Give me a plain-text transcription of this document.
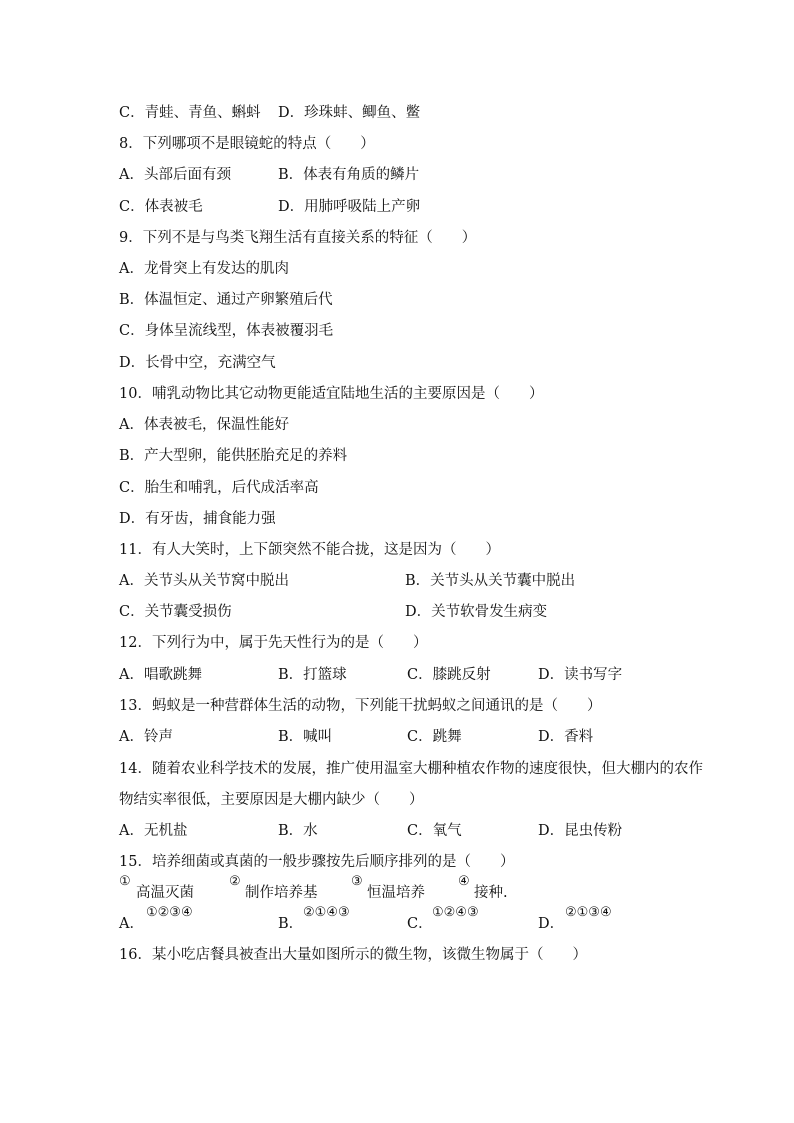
C．青蛙、青鱼、蝌蚪 D．珍珠蚌、鲫鱼、鳖
8．下列哪项不是眼镜蛇的特点（　　）
A．头部后面有颈	B．体表有角质的鳞片
C．体表被毛	D．用肺呼吸陆上产卵
9．下列不是与鸟类飞翔生活有直接关系的特征（　　）
A．龙骨突上有发达的肌肉
B．体温恒定、通过产卵繁殖后代
C．身体呈流线型，体表被覆羽毛
D．长骨中空，充满空气
10．哺乳动物比其它动物更能适宜陆地生活的主要原因是（　　）
A．体表被毛，保温性能好
B．产大型卵，能供胚胎充足的养料
C．胎生和哺乳，后代成活率高
D．有牙齿，捕食能力强
11．有人大笑时，上下颌突然不能合拢，这是因为（　　）
A．关节头从关节窝中脱出	B．关节头从关节囊中脱出
C．关节囊受损伤	D．关节软骨发生病变
12．下列行为中，属于先天性行为的是（　　）
A．唱歌跳舞	B．打篮球	C．膝跳反射	D．读书写字
13．蚂蚁是一种营群体生活的动物，下列能干扰蚂蚁之间通讯的是（　　）
A．铃声	B．喊叫	C．跳舞	D．香料
14．随着农业科学技术的发展，推广使用温室大棚种植农作物的速度很快，但大棚内的农作
物结实率很低，主要原因是大棚内缺少（　　）
A．无机盐	B．水	C．氧气	D．昆虫传粉
15．培养细菌或真菌的一般步骤按先后顺序排列的是（　　）
①
高温灭菌
②
制作培养基
③
恒温培养
④
接种.
A．
①②③④
B．
②①④③
C．
①②④③
D．
②①③④
16．某小吃店餐具被查出大量如图所示的微生物，该微生物属于（　　）
